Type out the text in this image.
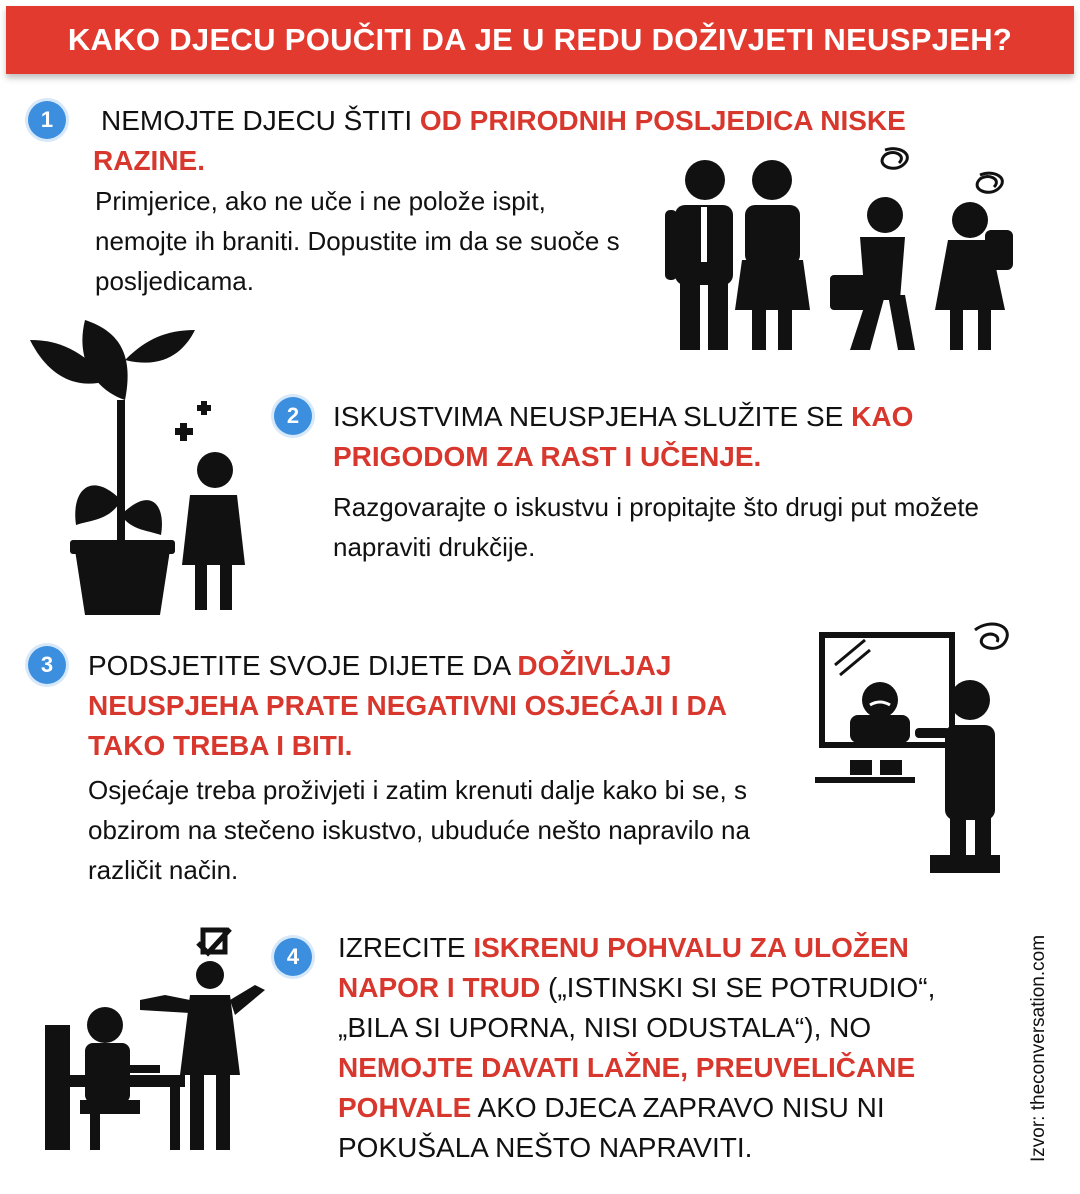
KAKO DJECU POUČITI DA JE U REDU DOŽIVJETI NEUSPJEH?
1	NEMOJTE DJECU ŠTITI OD PRIRODNIH POSLJEDICA NISKE RAZINE.
Primjerice, ako ne uče i ne polože ispit, nemojte ih braniti. Dopustite im da se suoče s posljedicama.
2	ISKUSTVIMA NEUSPJEHA SLUŽITE SE KAO PRIGODOM ZA RAST I UČENJE.
Razgovarajte o iskustvu i propitajte što drugi put možete napraviti drukčije.
3	PODSJETITE SVOJE DIJETE DA DOŽIVLJAJ NEUSPJEHA PRATE NEGATIVNI OSJEĆAJI I DA TAKO TREBA I BITI.
Osjećaje treba proživjeti i zatim krenuti dalje kako bi se, s obzirom na stečeno iskustvo, ubuduće nešto napravilo na različit način.
4	IZRECITE ISKRENU POHVALU ZA ULOŽEN NAPOR I TRUD („ISTINSKI SI SE POTRUDIO“, „BILA SI UPORNA, NISI ODUSTALA“), NO NEMOJTE DAVATI LAŽNE, PREUVELIČANE POHVALE AKO DJECA ZAPRAVO NISU NI POKUŠALA NEŠTO NAPRAVITI.	Izvor: theconversation.com
